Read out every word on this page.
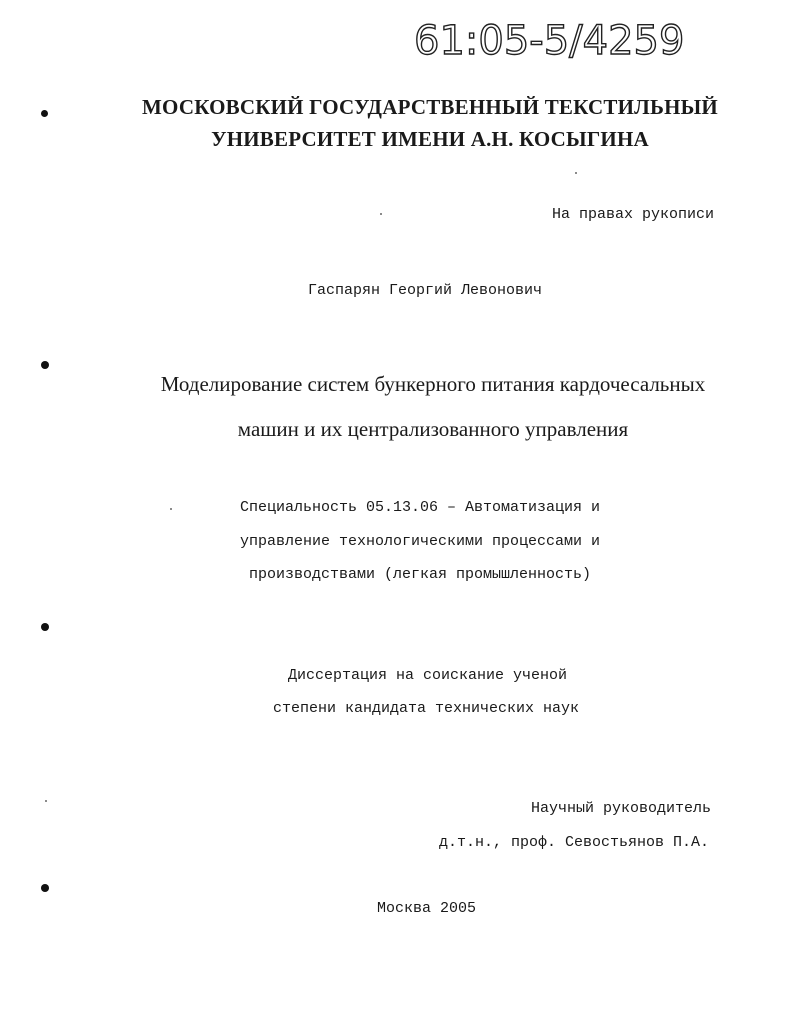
61:05-5/4259
МОСКОВСКИЙ ГОСУДАРСТВЕННЫЙ ТЕКСТИЛЬНЫЙ
УНИВЕРСИТЕТ ИМЕНИ А.Н. КОСЫГИНА
На правах рукописи
Гаспарян Георгий Левонович
Моделирование систем бункерного питания кардочесальных
машин и их централизованного управления
Специальность 05.13.06 – Автоматизация и
управление технологическими процессами и
производствами (легкая промышленность)
Диссертация на соискание ученой
степени кандидата технических наук
Научный руководитель
д.т.н., проф. Севостьянов П.А.
Москва 2005
